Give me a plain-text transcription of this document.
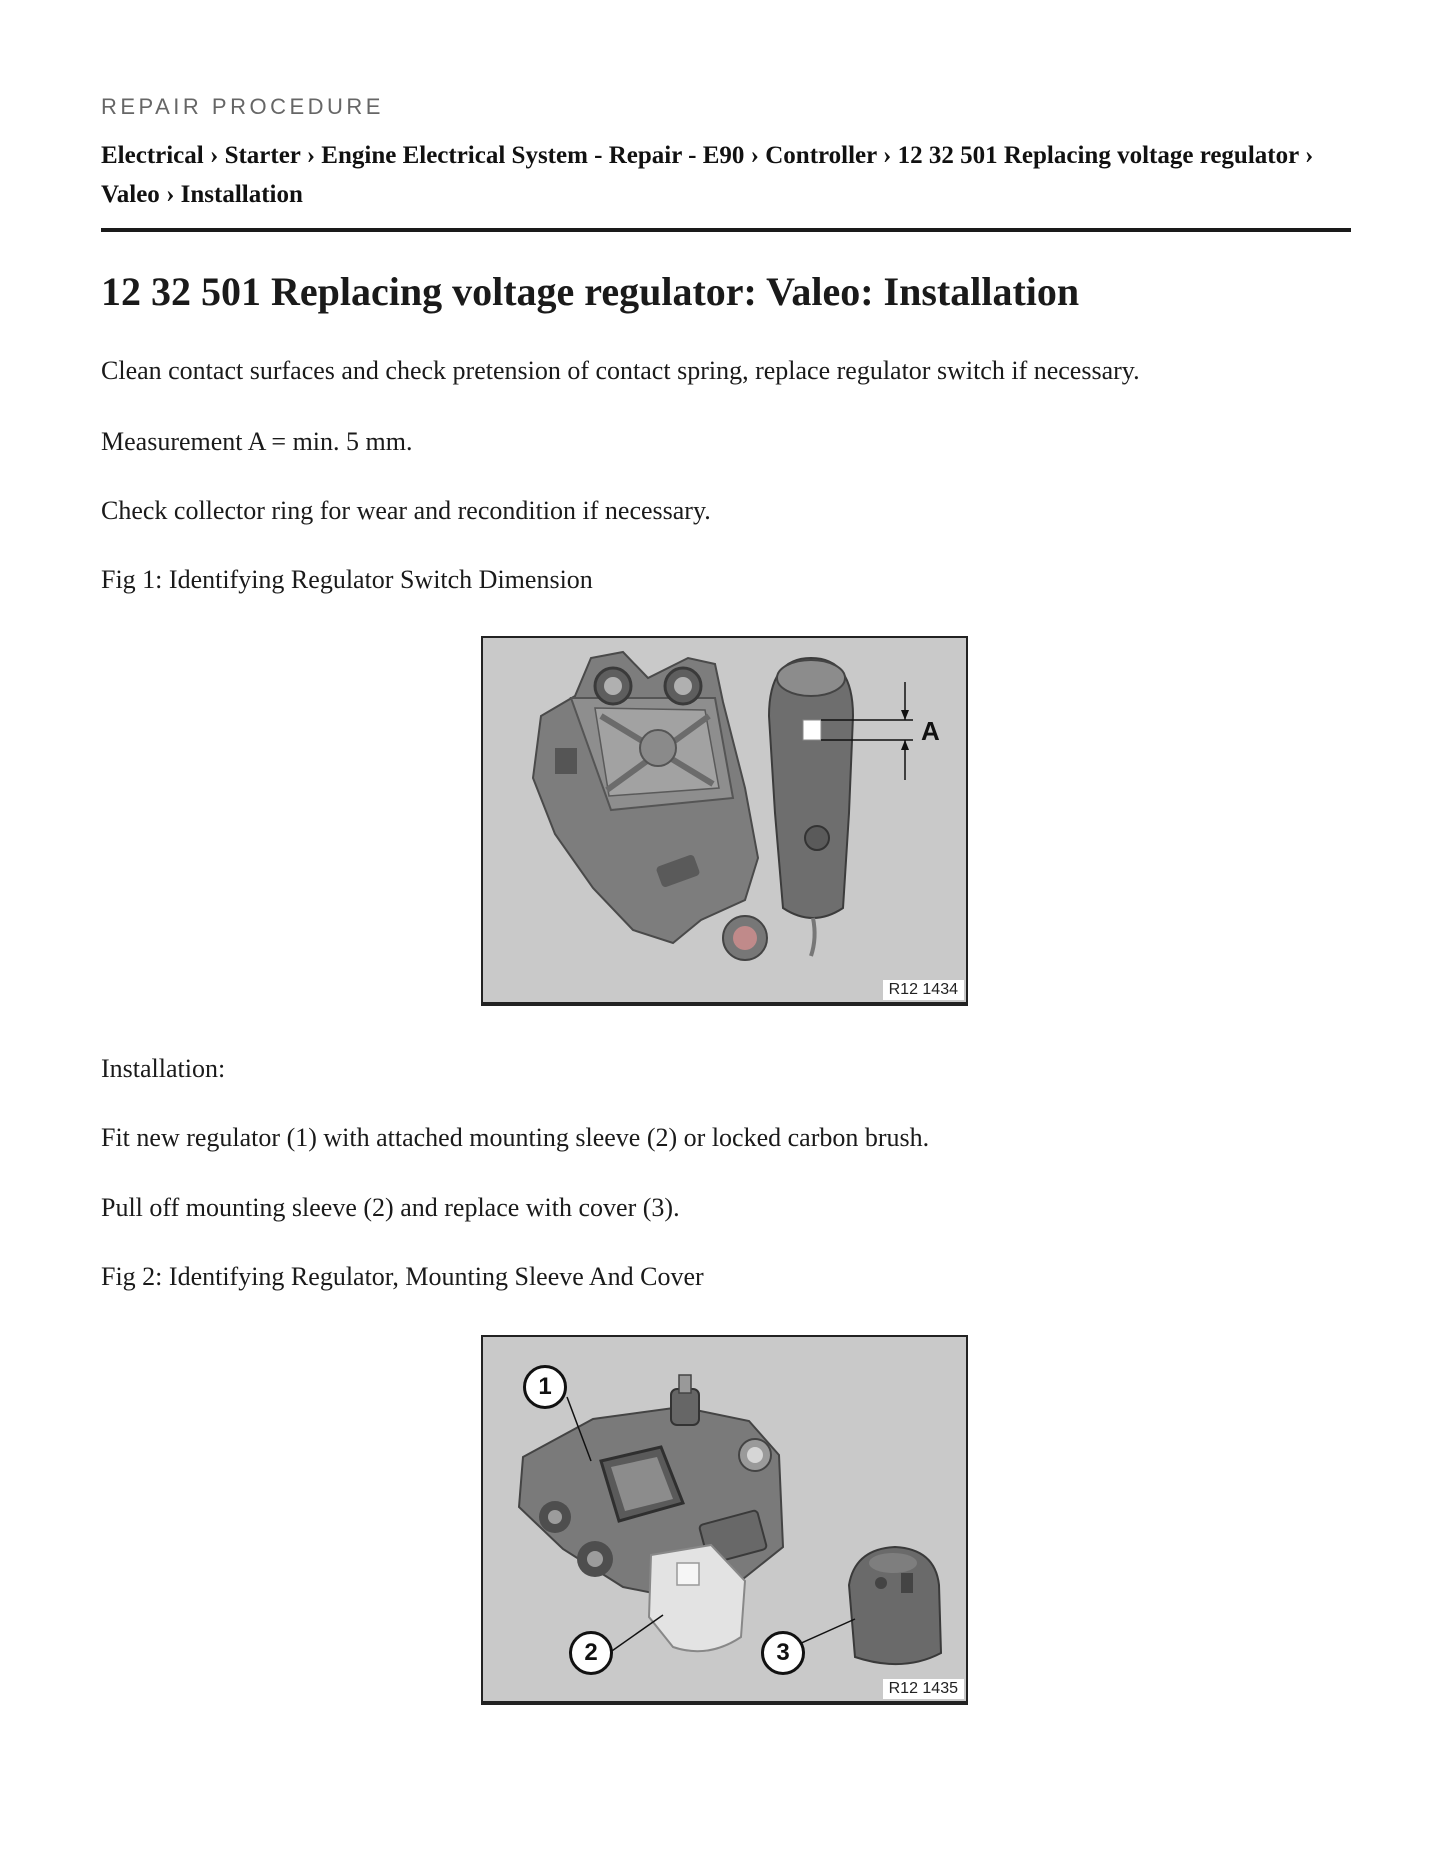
REPAIR PROCEDURE
Electrical › Starter › Engine Electrical System - Repair - E90 › Controller › 12 32 501 Replacing voltage regulator › Valeo › Installation
12 32 501 Replacing voltage regulator: Valeo: Installation

Clean contact surfaces and check pretension of contact spring, replace regulator switch if necessary.

Measurement A = min. 5 mm.

Check collector ring for wear and recondition if necessary.

Fig 1: Identifying Regulator Switch Dimension

A
R12 1434

Installation:

Fit new regulator (1) with attached mounting sleeve (2) or locked carbon brush.

Pull off mounting sleeve (2) and replace with cover (3).

Fig 2: Identifying Regulator, Mounting Sleeve And Cover

1
2	3
R12 1435
